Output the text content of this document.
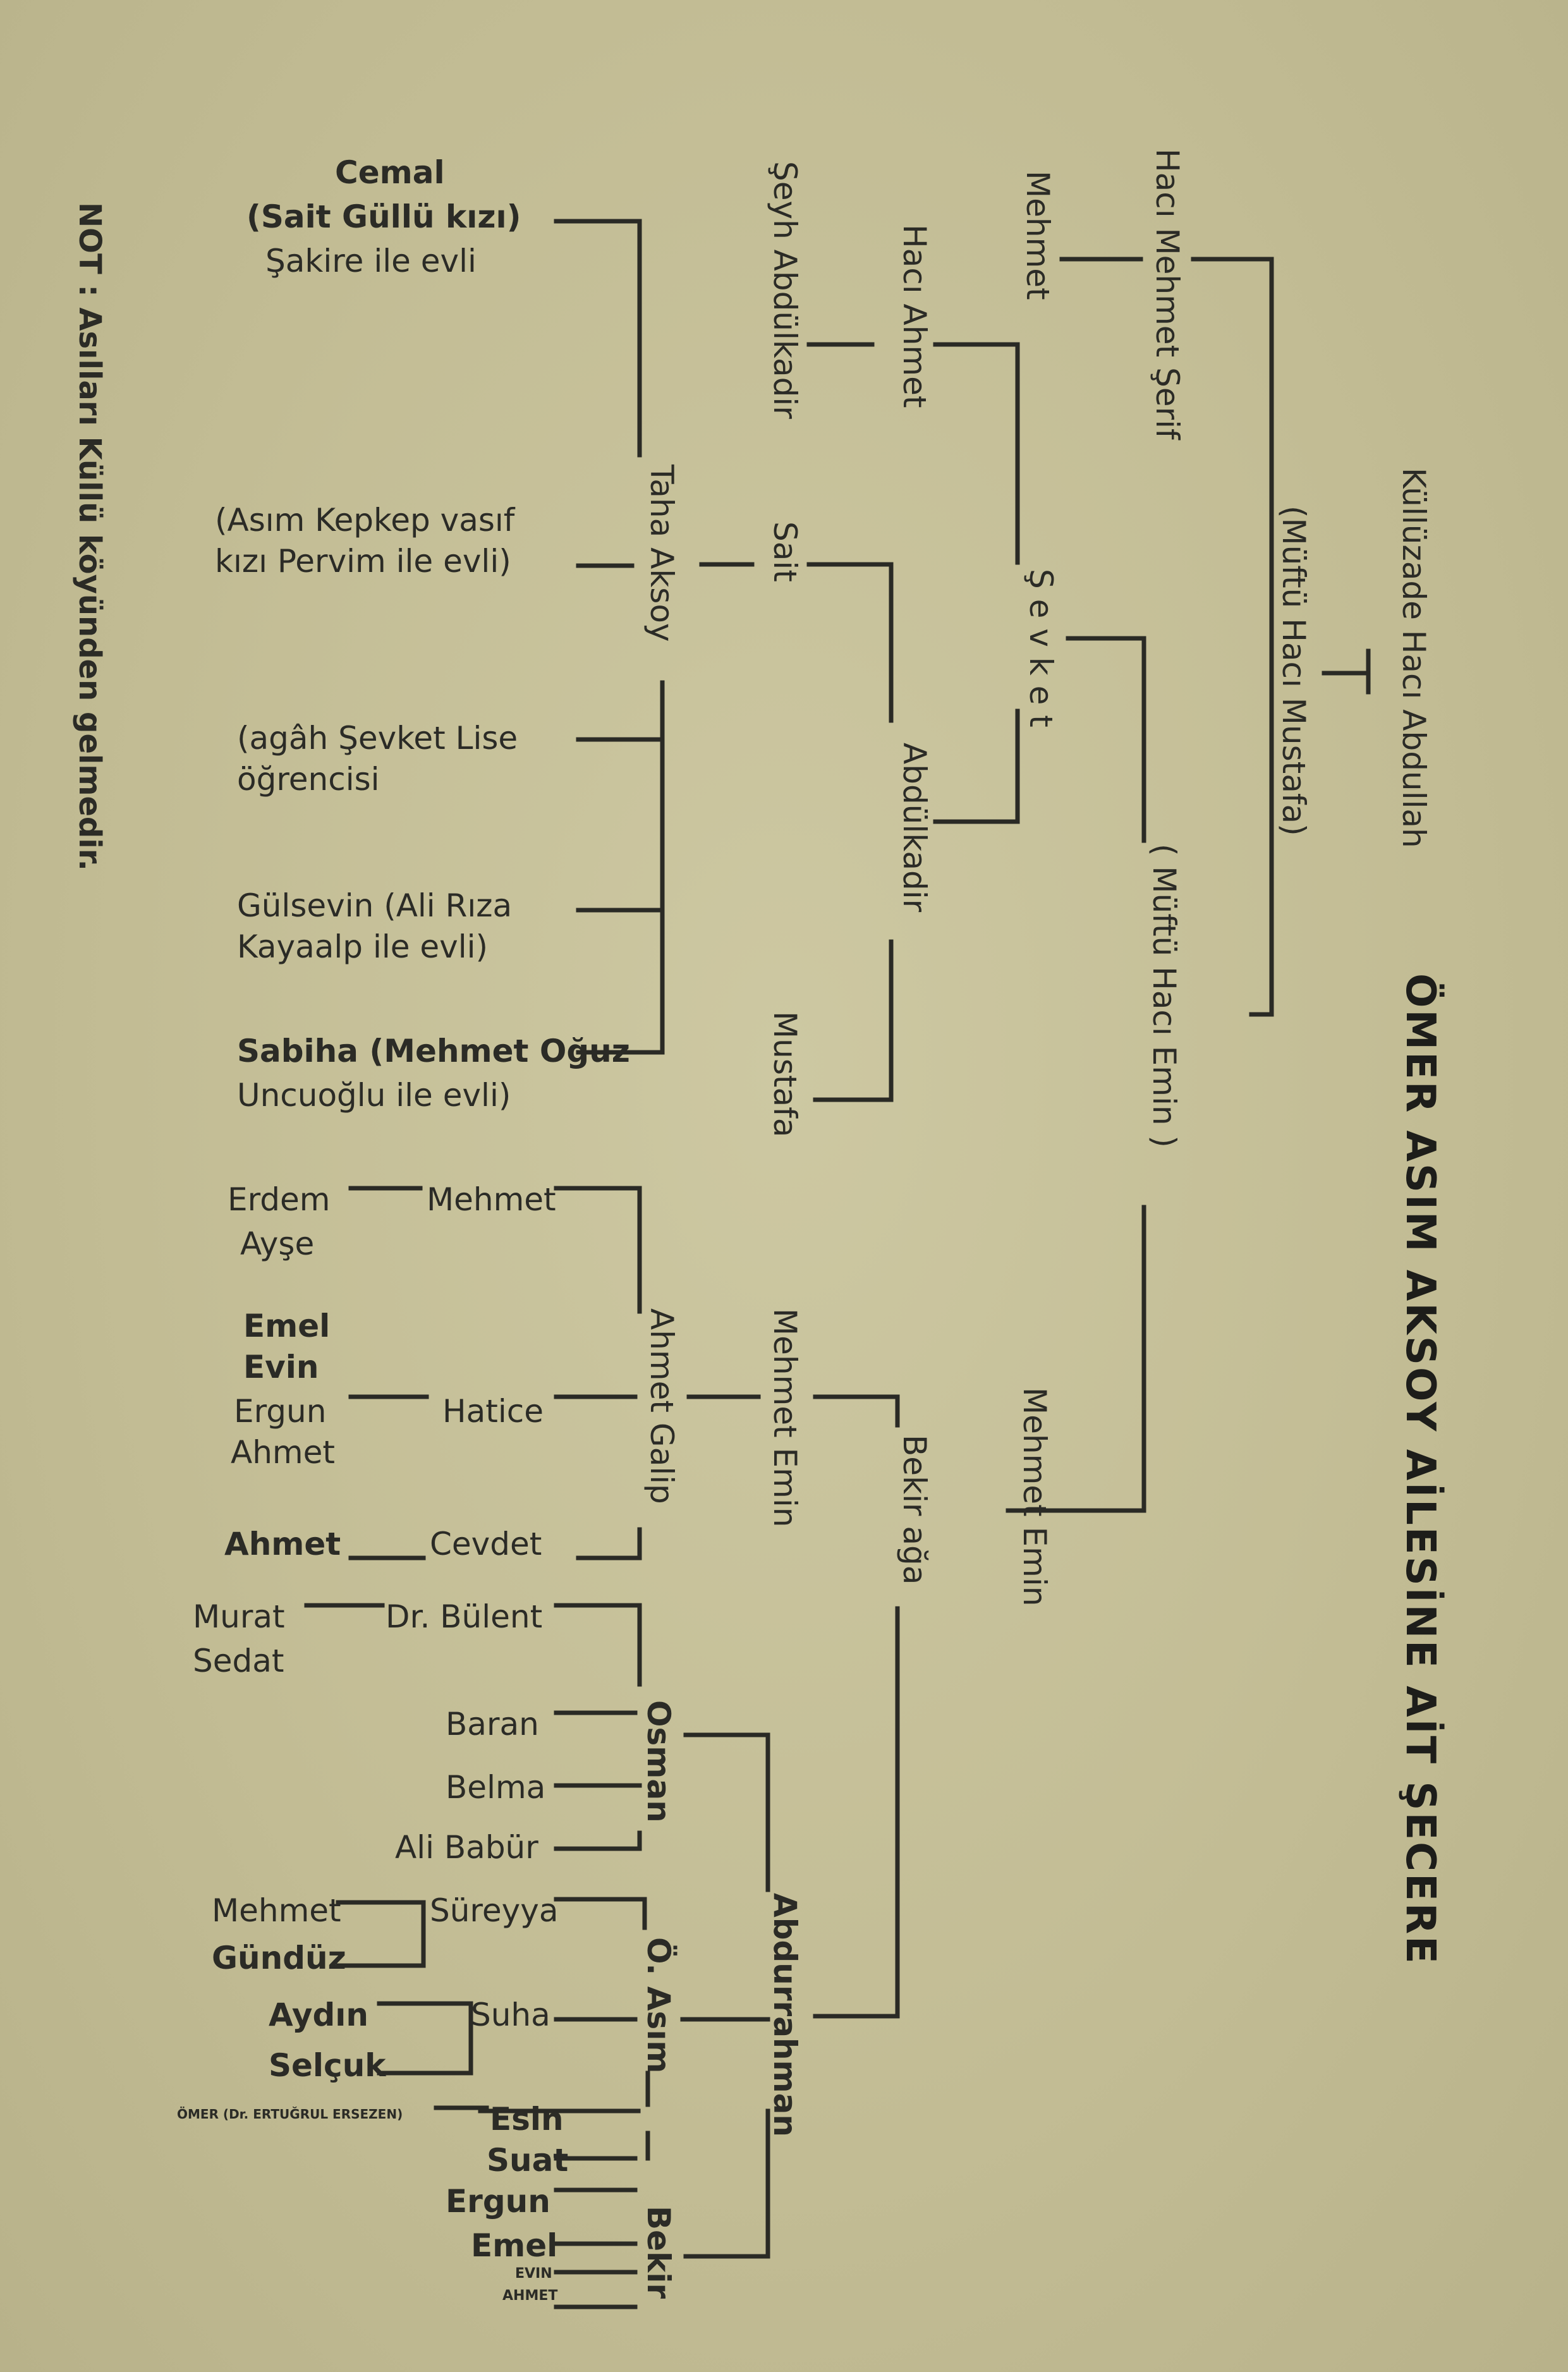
ÖMER ASIM AKSOY AİLESİNE AİT ŞECERE
NOT : Asılları Küllü köyünden gelmedir.	Küllüzade Hacı Abdullah
(Müftü Hacı Mustafa)
Hacı Mehmet Şerif
Mehmet
( Müftü Hacı Emin )
Ş e v k e t
Hacı Ahmet
Şeyh Abdülkadir
Abdülkadir
Sait
Mustafa
Mehmet Emin
Bekir ağa
Mehmet Emin
Taha Aksoy
Ahmet Galip
Abdurrahman
Osman
Ö. Asım
Bekir
Cemal
(Sait Güllü kızı)
Şakire ile evli
(Asım Kepkep vasıf
kızı Pervim ile evli)
(agâh Şevket Lise
öğrencisi
Gülsevin (Ali Rıza
Kayaalp ile evli)
Sabiha (Mehmet Oğuz
Uncuoğlu ile evli)
Mehmet
Erdem
Ayşe
Hatice
Emel
Evin
Ergun
Ahmet
Cevdet
Ahmet
Dr. Bülent
Murat
Sedat
Baran
Belma
Ali Babür
Süreyya
Mehmet
Gündüz
Suha
Aydın
Selçuk
Esin
ÖMER (Dr. ERTUĞRUL ERSEZEN)
Suat
Ergun
Emel
EVIN
AHMET
